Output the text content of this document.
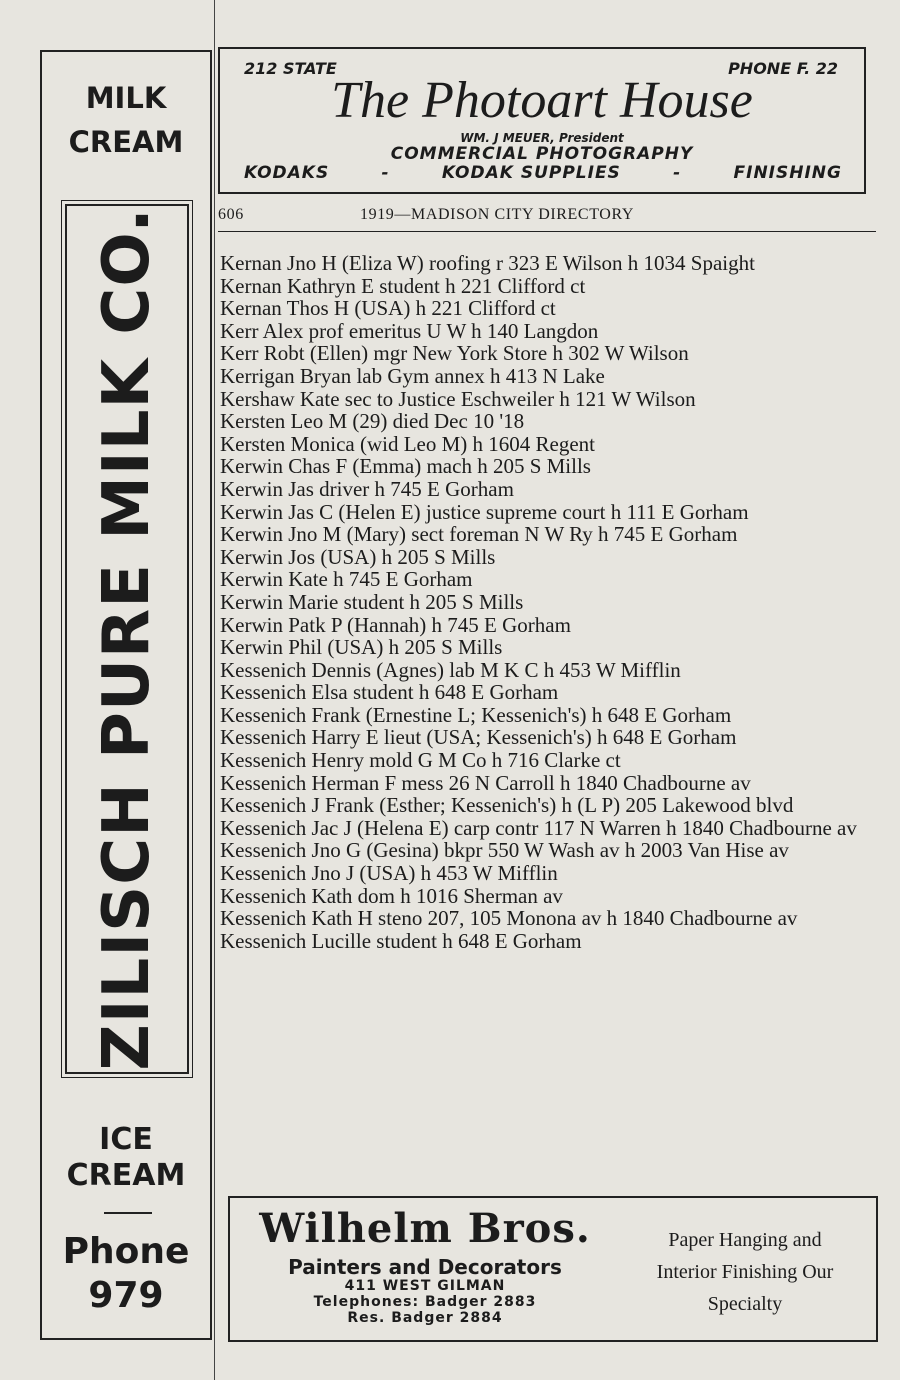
MILK
CREAM
ZILISCH PURE MILK CO.
ICE
CREAM
Phone
979
212 STATE	PHONE F. 22
The Photoart House
WM. J MEUER, President
COMMERCIAL PHOTOGRAPHY
KODAKS	-	KODAK SUPPLIES	-	FINISHING
606	1919—MADISON CITY DIRECTORY
Kernan Jno H (Eliza W) roofing r 323 E Wilson h 1034 Spaight
Kernan Kathryn E student h 221 Clifford ct
Kernan Thos H (USA) h 221 Clifford ct
Kerr Alex prof emeritus U W h 140 Langdon
Kerr Robt (Ellen) mgr New York Store h 302 W Wilson
Kerrigan Bryan lab Gym annex h 413 N Lake
Kershaw Kate sec to Justice Eschweiler h 121 W Wilson
Kersten Leo M (29) died Dec 10 '18
Kersten Monica (wid Leo M) h 1604 Regent
Kerwin Chas F (Emma) mach h 205 S Mills
Kerwin Jas driver h 745 E Gorham
Kerwin Jas C (Helen E) justice supreme court h 111 E Gorham
Kerwin Jno M (Mary) sect foreman N W Ry h 745 E Gorham
Kerwin Jos (USA) h 205 S Mills
Kerwin Kate h 745 E Gorham
Kerwin Marie student h 205 S Mills
Kerwin Patk P (Hannah) h 745 E Gorham
Kerwin Phil (USA) h 205 S Mills
Kessenich Dennis (Agnes) lab M K C h 453 W Mifflin
Kessenich Elsa student h 648 E Gorham
Kessenich Frank (Ernestine L; Kessenich's) h 648 E Gorham
Kessenich Harry E lieut (USA; Kessenich's) h 648 E Gorham
Kessenich Henry mold G M Co h 716 Clarke ct
Kessenich Herman F mess 26 N Carroll h 1840 Chadbourne av
Kessenich J Frank (Esther; Kessenich's) h (L P) 205 Lakewood blvd
Kessenich Jac J (Helena E) carp contr 117 N Warren h 1840 Chadbourne av
Kessenich Jno G (Gesina) bkpr 550 W Wash av h 2003 Van Hise av
Kessenich Jno J (USA) h 453 W Mifflin
Kessenich Kath dom h 1016 Sherman av
Kessenich Kath H steno 207, 105 Monona av h 1840 Chadbourne av
Kessenich Lucille student h 648 E Gorham
Wilhelm Bros.
Painters and Decorators
411 WEST GILMAN
Telephones: Badger 2883
Res. Badger 2884
Paper Hanging and
Interior Finishing Our
Specialty
